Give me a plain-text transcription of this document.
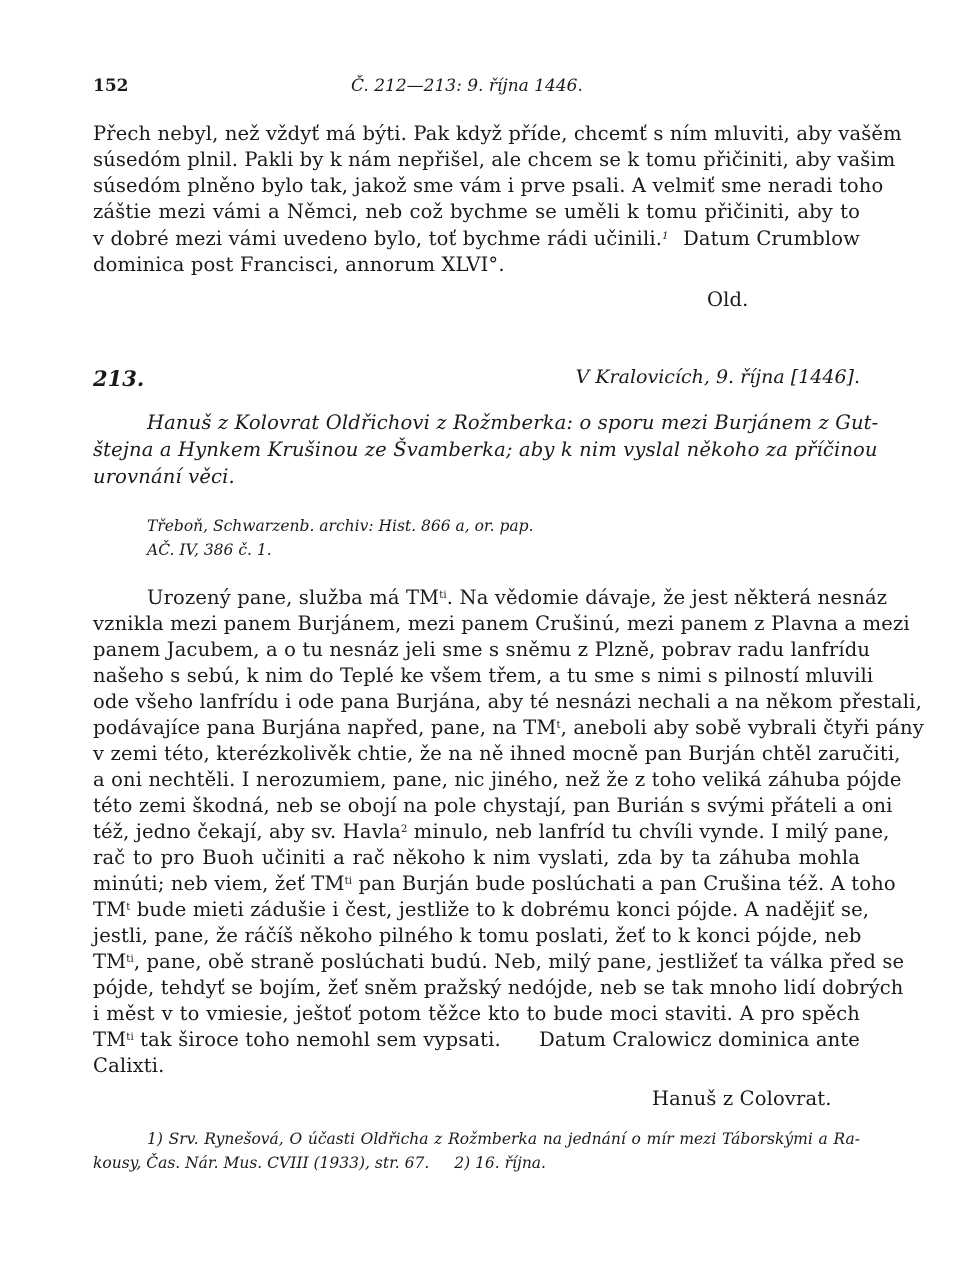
152	Č. 212—213: 9. října 1446.
Přech nebyl, než vždyť má býti. Pak když příde, chcemť s ním mluviti, aby vašěm
súsedóm plnil. Pakli by k nám nepřišel, ale chcem se k tomu přičiniti, aby vašim
súsedóm plněno bylo tak, jakož sme vám i prve psali. A velmiť sme neradi toho
záštie mezi vámi a Němci, neb což bychme se uměli k tomu přičiniti, aby to
v dobré mezi vámi uvedeno bylo, toť bychme rádi učinili.$^1$ Datum Crumblow
dominica post Francisci, annorum XLVI°.
Old.
213.	V Kralovicích, 9. října [1446].
Hanuš z Kolovrat Oldřichovi z Rožmberka: o sporu mezi Burjánem z Gut-
štejna a Hynkem Krušinou ze Švamberka; aby k nim vyslal někoho za příčinou
urovnání věci.
Třeboň, Schwarzenb. archiv: Hist. 866 a, or. pap.
AČ. IV, 386 č. 1.
Urozený pane, služba má $TM^{ti}$. Na vědomie dávaje, že jest některá nesnáz
vznikla mezi panem Burjánem, mezi panem Crušinú, mezi panem z Plavna a mezi
panem Jacubem, a o tu nesnáz jeli sme s sněmu z Plzně, pobrav radu lanfrídu
našeho s sebú, k nim do Teplé ke všem třem, a tu sme s nimi s pilností mluvili
ode všeho lanfrídu i ode pana Burjána, aby té nesnázi nechali a na někom přestali,
podávajíce pana Burjána napřed, pane, na $TM^t$, aneboli aby sobě vybrali čtyři pány
v zemi této, kterézkolivěk chtie, že na ně ihned mocně pan Burján chtěl zaručiti,
a oni nechtěli. I nerozumiem, pane, nic jiného, než že z toho veliká záhuba pójde
této zemi škodná, neb se obojí na pole chystají, pan Burián s svými přáteli a oni
též, jedno čekají, aby sv. Havla$^2$ minulo, neb lanfríd tu chvíli vynde. I milý pane,
rač to pro Buoh učiniti a rač někoho k nim vyslati, zda by ta záhuba mohla
minúti; neb viem, žeť $TM^{ti}$ pan Burján bude poslúchati a pan Crušina též. A toho
$TM^t$ bude mieti zádušie i čest, jestliže to k dobrému konci pójde. A nadějiť se,
jestli, pane, že ráčíš někoho pilného k tomu poslati, žeť to k konci pójde, neb
$TM^{ti}$, pane, obě straně poslúchati budú. Neb, milý pane, jestližeť ta válka před se
pójde, tehdyť se bojím, žeť sněm pražský nedójde, neb se tak mnoho lidí dobrých
i měst v to vmiesie, ještoť potom těžce kto to bude moci staviti. A pro spěch
$TM^{ti}$ tak široce toho nemohl sem vypsati. Datum Cralowicz dominica ante
Calixti.
Hanuš z Colovrat.
1) Srv. Rynešová, O účasti Oldřicha z Rožmberka na jednání o mír mezi Táborskými a Ra-
kousy, Čas. Nár. Mus. CVIII (1933), str. 67. 2) 16. října.
